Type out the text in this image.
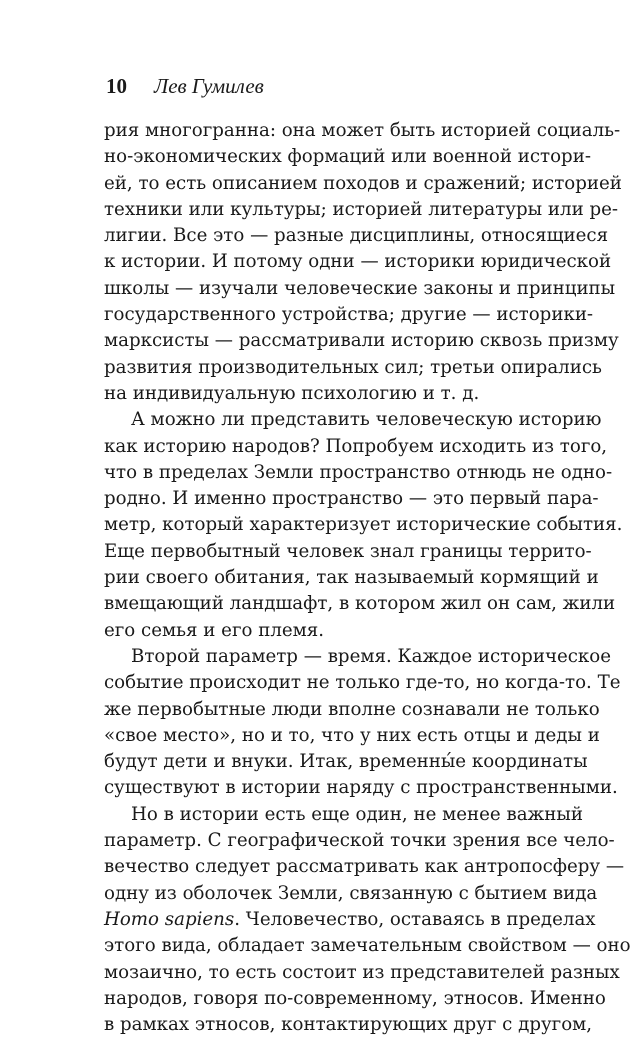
10 Лев Гумилев
рия многогранна: она может быть историей социаль-
но-экономических формаций или военной истори-
ей, то есть описанием походов и сражений; историей
техники или культуры; историей литературы или ре-
лигии. Все это — разные дисциплины, относящиеся
к истории. И потому одни — историки юридической
школы — изучали человеческие законы и принципы
государственного устройства; другие — историки-
марксисты — рассматривали историю сквозь призму
развития производительных сил; третьи опирались
на индивидуальную психологию и т. д.
А можно ли представить человеческую историю
как историю народов? Попробуем исходить из того,
что в пределах Земли пространство отнюдь не одно-
родно. И именно пространство — это первый пара-
метр, который характеризует исторические события.
Еще первобытный человек знал границы террито-
рии своего обитания, так называемый кормящий и
вмещающий ландшафт, в котором жил он сам, жили
его семья и его племя.
Второй параметр — время. Каждое историческое
событие происходит не только где-то, но когда-то. Те
же первобытные люди вполне сознавали не только
«свое место», но и то, что у них есть отцы и деды и
будут дети и внуки. Итак, временны́е координаты
существуют в истории наряду с пространственными.
Но в истории есть еще один, не менее важный
параметр. С географической точки зрения все чело-
вечество следует рассматривать как антропосферу —
одну из оболочек Земли, связанную с бытием вида
Homo sapiens. Человечество, оставаясь в пределах
этого вида, обладает замечательным свойством — оно
мозаично, то есть состоит из представителей разных
народов, говоря по-современному, этносов. Именно
в рамках этносов, контактирующих друг с другом,
